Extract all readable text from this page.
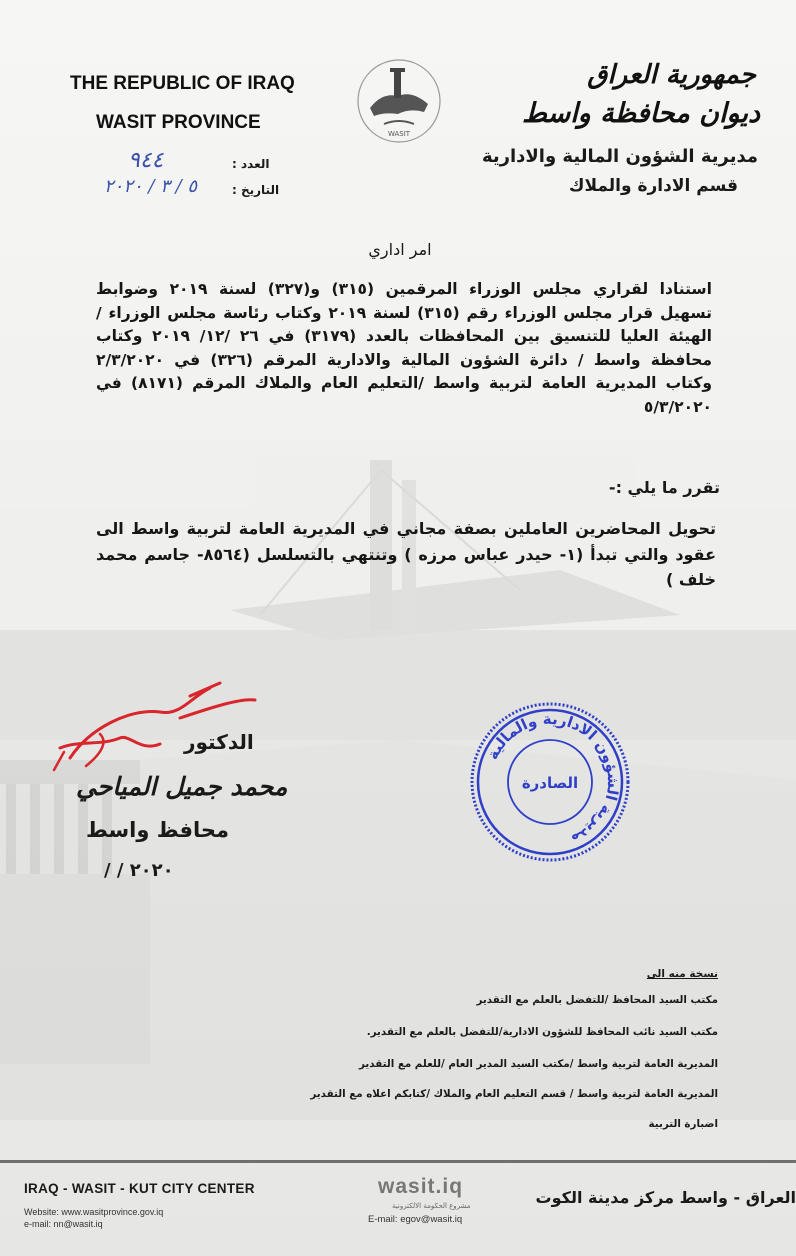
THE REPUBLIC OF IRAQ
WASIT PROVINCE
WASIT
جمهورية العراق
ديوان محافظة واسط
مديرية الشؤون المالية والادارية
قسم الادارة والملاك
العدد :
٩٤٤
التاريخ :
٥ / ٣ / ٢٠٢٠
امر اداري
استنادا لقراري مجلس الوزراء المرقمين (٣١٥) و(٣٢٧) لسنة ٢٠١٩ وضوابط تسهيل قرار مجلس الوزراء رقم (٣١٥) لسنة ٢٠١٩ وكتاب رئاسة مجلس الوزراء /الهيئة العليا للتنسيق بين المحافظات بالعدد (٣١٧٩) في ٢٦ /١٢/ ٢٠١٩ وكتاب محافظة واسط / دائرة الشؤون المالية والادارية المرقم (٣٢٦) في ٢/٣/٢٠٢٠ وكتاب المديرية العامة لتربية واسط /التعليم العام والملاك المرقم (٨١٧١) في ٥/٣/٢٠٢٠
تقرر ما يلي :-
تحويل المحاضرين العاملين بصفة مجاني في المديرية العامة لتربية واسط الى عقود والتي تبدأ (١- حيدر عباس مرزه ) وتنتهي بالتسلسل (٨٥٦٤- جاسم محمد خلف )
الدكتور
محمد جميل المياحي
محافظ واسط
/ / ٢٠٢٠
مديرية الشؤون الادارية والمالية
الصادرة
نسخة منه الى
مكتب السيد المحافظ /للتفضل بالعلم مع التقدير
مكتب السيد نائب المحافظ للشؤون الادارية/للتفضل بالعلم مع التقدير.
المديرية العامة لتربية واسط /مكتب السيد المدير العام /للعلم مع التقدير
المديرية العامة لتربية واسط / قسم التعليم العام والملاك /كتابكم اعلاه مع التقدير
اضبارة التربية
IRAQ - WASIT - KUT CITY CENTER
Website: www.wasitprovince.gov.iq
e-mail: nn@wasit.iq
wasit.iq
مشروع الحكومة الالكترونية
E-mail: egov@wasit.iq
العراق - واسط مركز مدينة الكوت
